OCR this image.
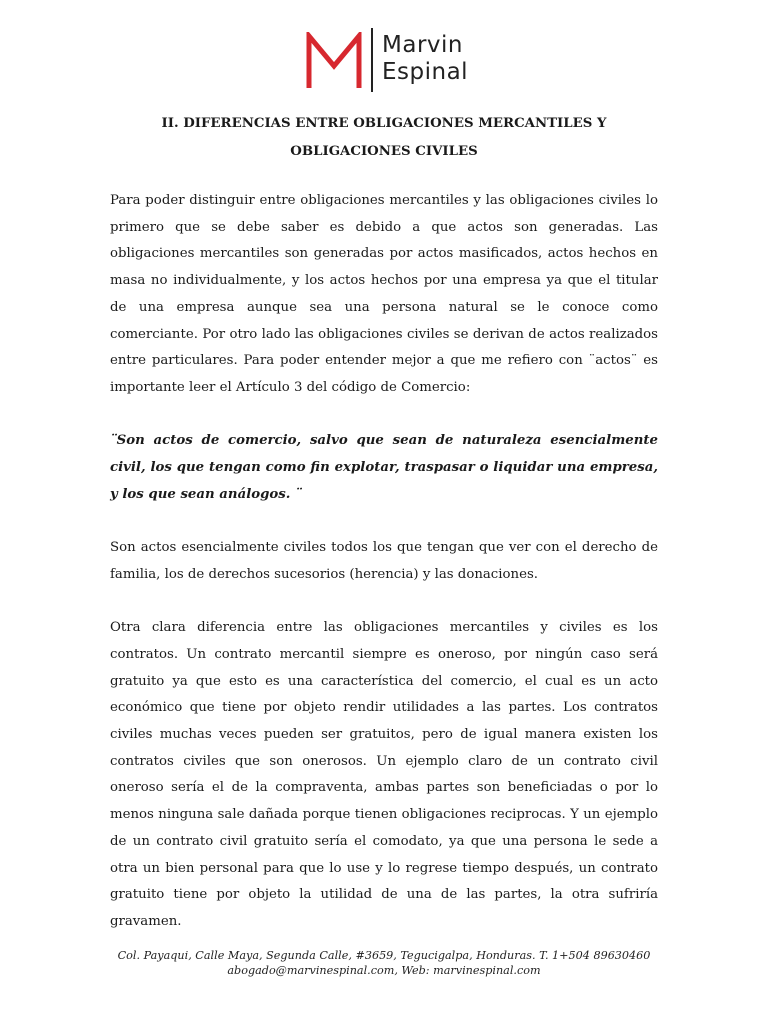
Marvin
Espinal
II. DIFERENCIAS ENTRE OBLIGACIONES MERCANTILES Y
OBLIGACIONES CIVILES

Para poder distinguir entre obligaciones mercantiles y las obligaciones civiles lo primero que se debe saber es debido a que actos son generadas. Las obligaciones mercantiles son generadas por actos masificados, actos hechos en masa no individualmente, y los actos hechos por una empresa ya que el titular de una empresa aunque sea una persona natural se le conoce como comerciante. Por otro lado las obligaciones civiles se derivan de actos realizados entre particulares. Para poder entender mejor a que me refiero con ¨actos¨ es importante leer el Artículo 3 del código de Comercio:

¨Son actos de comercio, salvo que sean de naturaleza esencialmente civil, los que tengan como fin explotar, traspasar o liquidar una empresa, y los que sean análogos. ¨

Son actos esencialmente civiles todos los que tengan que ver con el derecho de familia, los de derechos sucesorios (herencia) y las donaciones.

Otra clara diferencia entre las obligaciones mercantiles y civiles es los contratos. Un contrato mercantil siempre es oneroso, por ningún caso será gratuito ya que esto es una característica del comercio, el cual es un acto económico que tiene por objeto rendir utilidades a las partes. Los contratos civiles muchas veces pueden ser gratuitos, pero de igual manera existen los contratos civiles que son onerosos. Un ejemplo claro de un contrato civil oneroso sería el de la compraventa, ambas partes son beneficiadas o por lo menos ninguna sale dañada porque tienen obligaciones reciprocas. Y un ejemplo de un contrato civil gratuito sería el comodato, ya que una persona le sede a otra un bien personal para que lo use y lo regrese tiempo después, un contrato gratuito tiene por objeto la utilidad de una de las partes, la otra sufriría gravamen.

Col. Payaqui, Calle Maya, Segunda Calle, #3659, Tegucigalpa, Honduras. T. 1+504 89630460
abogado@marvinespinal.com, Web: marvinespinal.com
